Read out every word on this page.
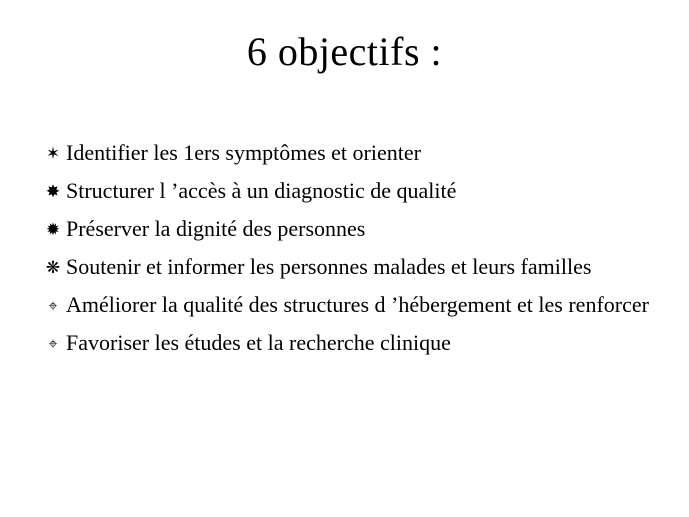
6 objectifs :
✶ Identifier les 1ers symptômes et orienter
✸ Structurer l ’accès à un diagnostic de qualité
✹ Préserver la dignité des personnes
❋ Soutenir et informer les personnes malades et leurs familles
⌖ Améliorer la qualité des structures d ’hébergement et les renforcer
⌖ Favoriser les études et la recherche clinique
